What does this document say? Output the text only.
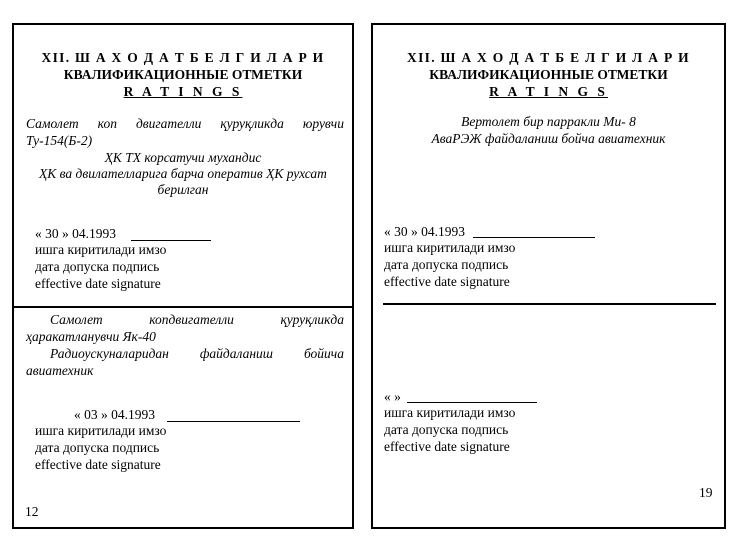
XII. Ш А Х О Д А Т Б Е Л Г И Л А Р И
КВАЛИФИКАЦИОННЫЕ ОТМЕТКИ
R A T I N G S
Самолет коп двигателли қуруқликда юрувчи
Ту-154(Б-2)
ҲК ТХ корсатучи мухандис
ҲК ва двилателларига барча оператив ҲК рухсат
берилган
« 30 » 04.1993
ишга киритилади имзо
дата допуска подпись
effective date signature
Самолет копдвигателли қуруқликда
ҳаракатланувчи Як-40
Радиоускуналаридан файдаланиш бойича
авиатехник
« 03 » 04.1993
ишга киритилади имзо
дата допуска подпись
effective date signature
12
XII. Ш А Х О Д А Т Б Е Л Г И Л А Р И
КВАЛИФИКАЦИОННЫЕ ОТМЕТКИ
R A T I N G S
Вертолет бир парракли Ми- 8
АваРЭЖ файдаланиш бойча авиатехник
« 30 » 04.1993
ишга киритилади имзо
дата допуска подпись
effective date signature
« »
ишга киритилади имзо
дата допуска подпись
effective date signature
19
